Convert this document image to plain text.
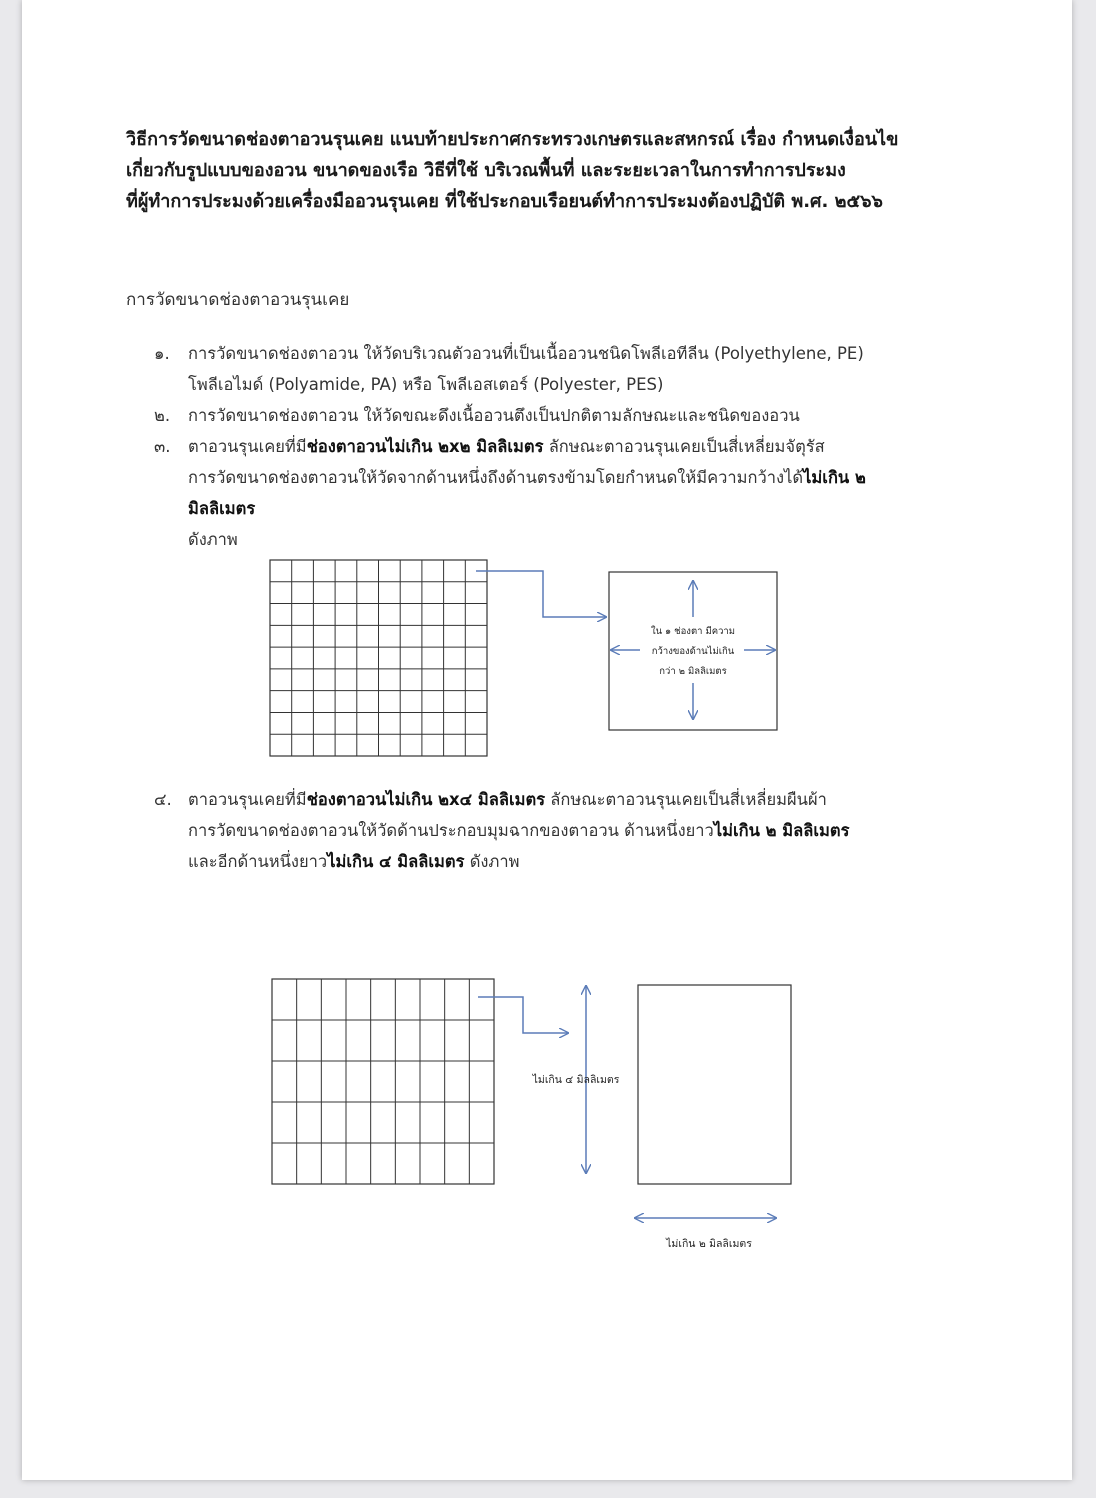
วิธีการวัดขนาดช่องตาอวนรุนเคย แนบท้ายประกาศกระทรวงเกษตรและสหกรณ์ เรื่อง กำหนดเงื่อนไข
เกี่ยวกับรูปแบบของอวน ขนาดของเรือ วิธีที่ใช้ บริเวณพื้นที่ และระยะเวลาในการทำการประมง
ที่ผู้ทำการประมงด้วยเครื่องมืออวนรุนเคย ที่ใช้ประกอบเรือยนต์ทำการประมงต้องปฏิบัติ พ.ศ. ๒๕๖๖
การวัดขนาดช่องตาอวนรุนเคย
๑.	การวัดขนาดช่องตาอวน ให้วัดบริเวณตัวอวนที่เป็นเนื้ออวนชนิดโพลีเอทีลีน (Polyethylene, PE)
โพลีเอไมด์ (Polyamide, PA) หรือ โพลีเอสเตอร์ (Polyester, PES)
๒.	การวัดขนาดช่องตาอวน ให้วัดขณะดึงเนื้ออวนตึงเป็นปกติตามลักษณะและชนิดของอวน
๓.	ตาอวนรุนเคยที่มีช่องตาอวนไม่เกิน ๒x๒ มิลลิเมตร ลักษณะตาอวนรุนเคยเป็นสี่เหลี่ยมจัตุรัส
การวัดขนาดช่องตาอวนให้วัดจากด้านหนึ่งถึงด้านตรงข้ามโดยกำหนดให้มีความกว้างได้ไม่เกิน ๒ มิลลิเมตร
ดังภาพ
๔. ตาอวนรุนเคยที่มีช่องตาอวนไม่เกิน ๒x๔ มิลลิเมตร ลักษณะตาอวนรุนเคยเป็นสี่เหลี่ยมผืนผ้า
การวัดขนาดช่องตาอวนให้วัดด้านประกอบมุมฉากของตาอวน ด้านหนึ่งยาวไม่เกิน ๒ มิลลิเมตร
และอีกด้านหนึ่งยาวไม่เกิน ๔ มิลลิเมตร ดังภาพ
ใน ๑ ช่องตา มีความ
กว้างของด้านไม่เกิน
กว่า ๒ มิลลิเมตร
ไม่เกิน ๔ มิลลิเมตร
ไม่เกิน ๒ มิลลิเมตร
